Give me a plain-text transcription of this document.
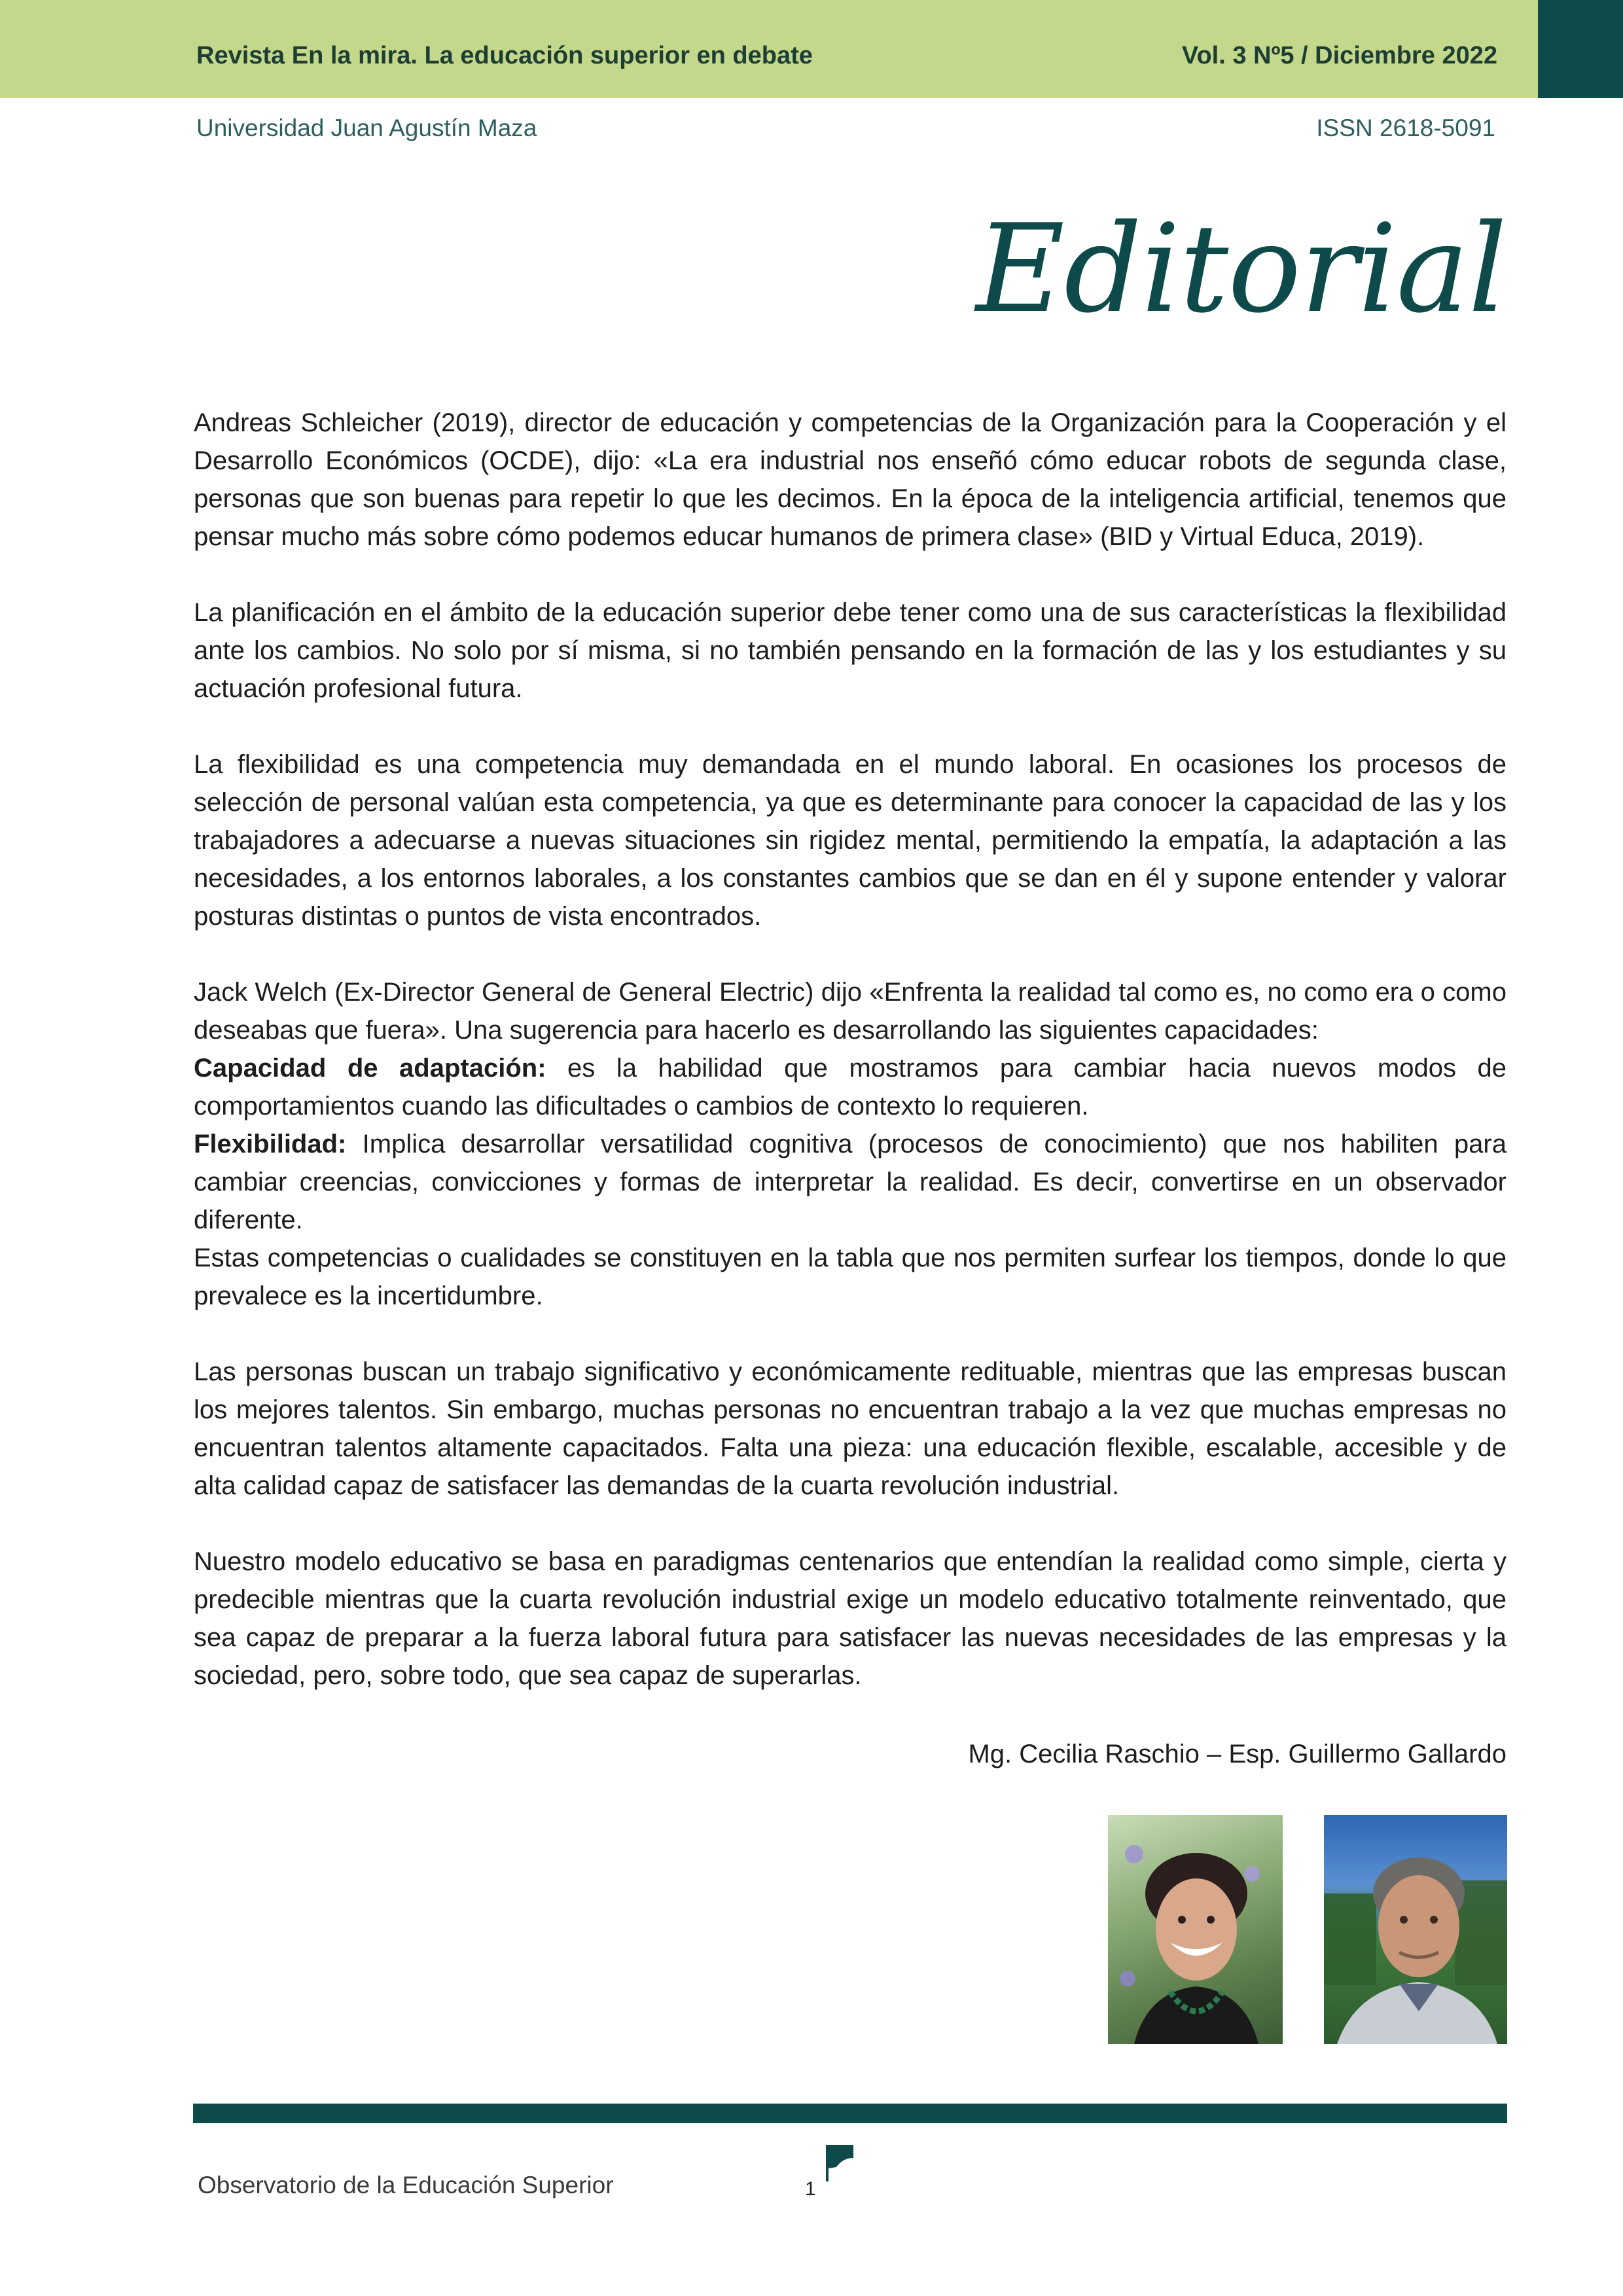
Revista En la mira. La educación superior en debate	Vol. 3 Nº5 / Diciembre 2022
Universidad Juan Agustín Maza	ISSN 2618-5091
Editorial

Andreas Schleicher (2019), director de educación y competencias de la Organización para la Cooperación y el Desarrollo Económicos (OCDE), dijo: «La era industrial nos enseñó cómo educar robots de segunda clase, personas que son buenas para repetir lo que les decimos. En la época de la inteligencia artificial, tenemos que pensar mucho más sobre cómo podemos educar humanos de primera clase» (BID y Virtual Educa, 2019).

La planificación en el ámbito de la educación superior debe tener como una de sus características la flexibilidad ante los cambios. No solo por sí misma, si no también pensando en la formación de las y los estudiantes y su actuación profesional futura.

La flexibilidad es una competencia muy demandada en el mundo laboral. En ocasiones los procesos de selección de personal valúan esta competencia, ya que es determinante para conocer la capacidad de las y los trabajadores a adecuarse a nuevas situaciones sin rigidez mental, permitiendo la empatía, la adaptación a las necesidades, a los entornos laborales, a los constantes cambios que se dan en él y supone entender y valorar posturas distintas o puntos de vista encontrados.

Jack Welch (Ex-Director General de General Electric) dijo «Enfrenta la realidad tal como es, no como era o como deseabas que fuera». Una sugerencia para hacerlo es desarrollando las siguientes capacidades:

Capacidad de adaptación: es la habilidad que mostramos para cambiar hacia nuevos modos de comportamientos cuando las dificultades o cambios de contexto lo requieren.

Flexibilidad: Implica desarrollar versatilidad cognitiva (procesos de conocimiento) que nos habiliten para cambiar creencias, convicciones y formas de interpretar la realidad. Es decir, convertirse en un observador diferente.

Estas competencias o cualidades se constituyen en la tabla que nos permiten surfear los tiempos, donde lo que prevalece es la incertidumbre.

Las personas buscan un trabajo significativo y económicamente redituable, mientras que las empresas buscan los mejores talentos. Sin embargo, muchas personas no encuentran trabajo a la vez que muchas empresas no encuentran talentos altamente capacitados. Falta una pieza: una educación flexible, escalable, accesible y de alta calidad capaz de satisfacer las demandas de la cuarta revolución industrial.

Nuestro modelo educativo se basa en paradigmas centenarios que entendían la realidad como simple, cierta y predecible mientras que la cuarta revolución industrial exige un modelo educativo totalmente reinventado, que sea capaz de preparar a la fuerza laboral futura para satisfacer las nuevas necesidades de las empresas y la sociedad, pero, sobre todo, que sea capaz de superarlas.

Mg. Cecilia Raschio – Esp. Guillermo Gallardo
Observatorio de la Educación Superior	1
